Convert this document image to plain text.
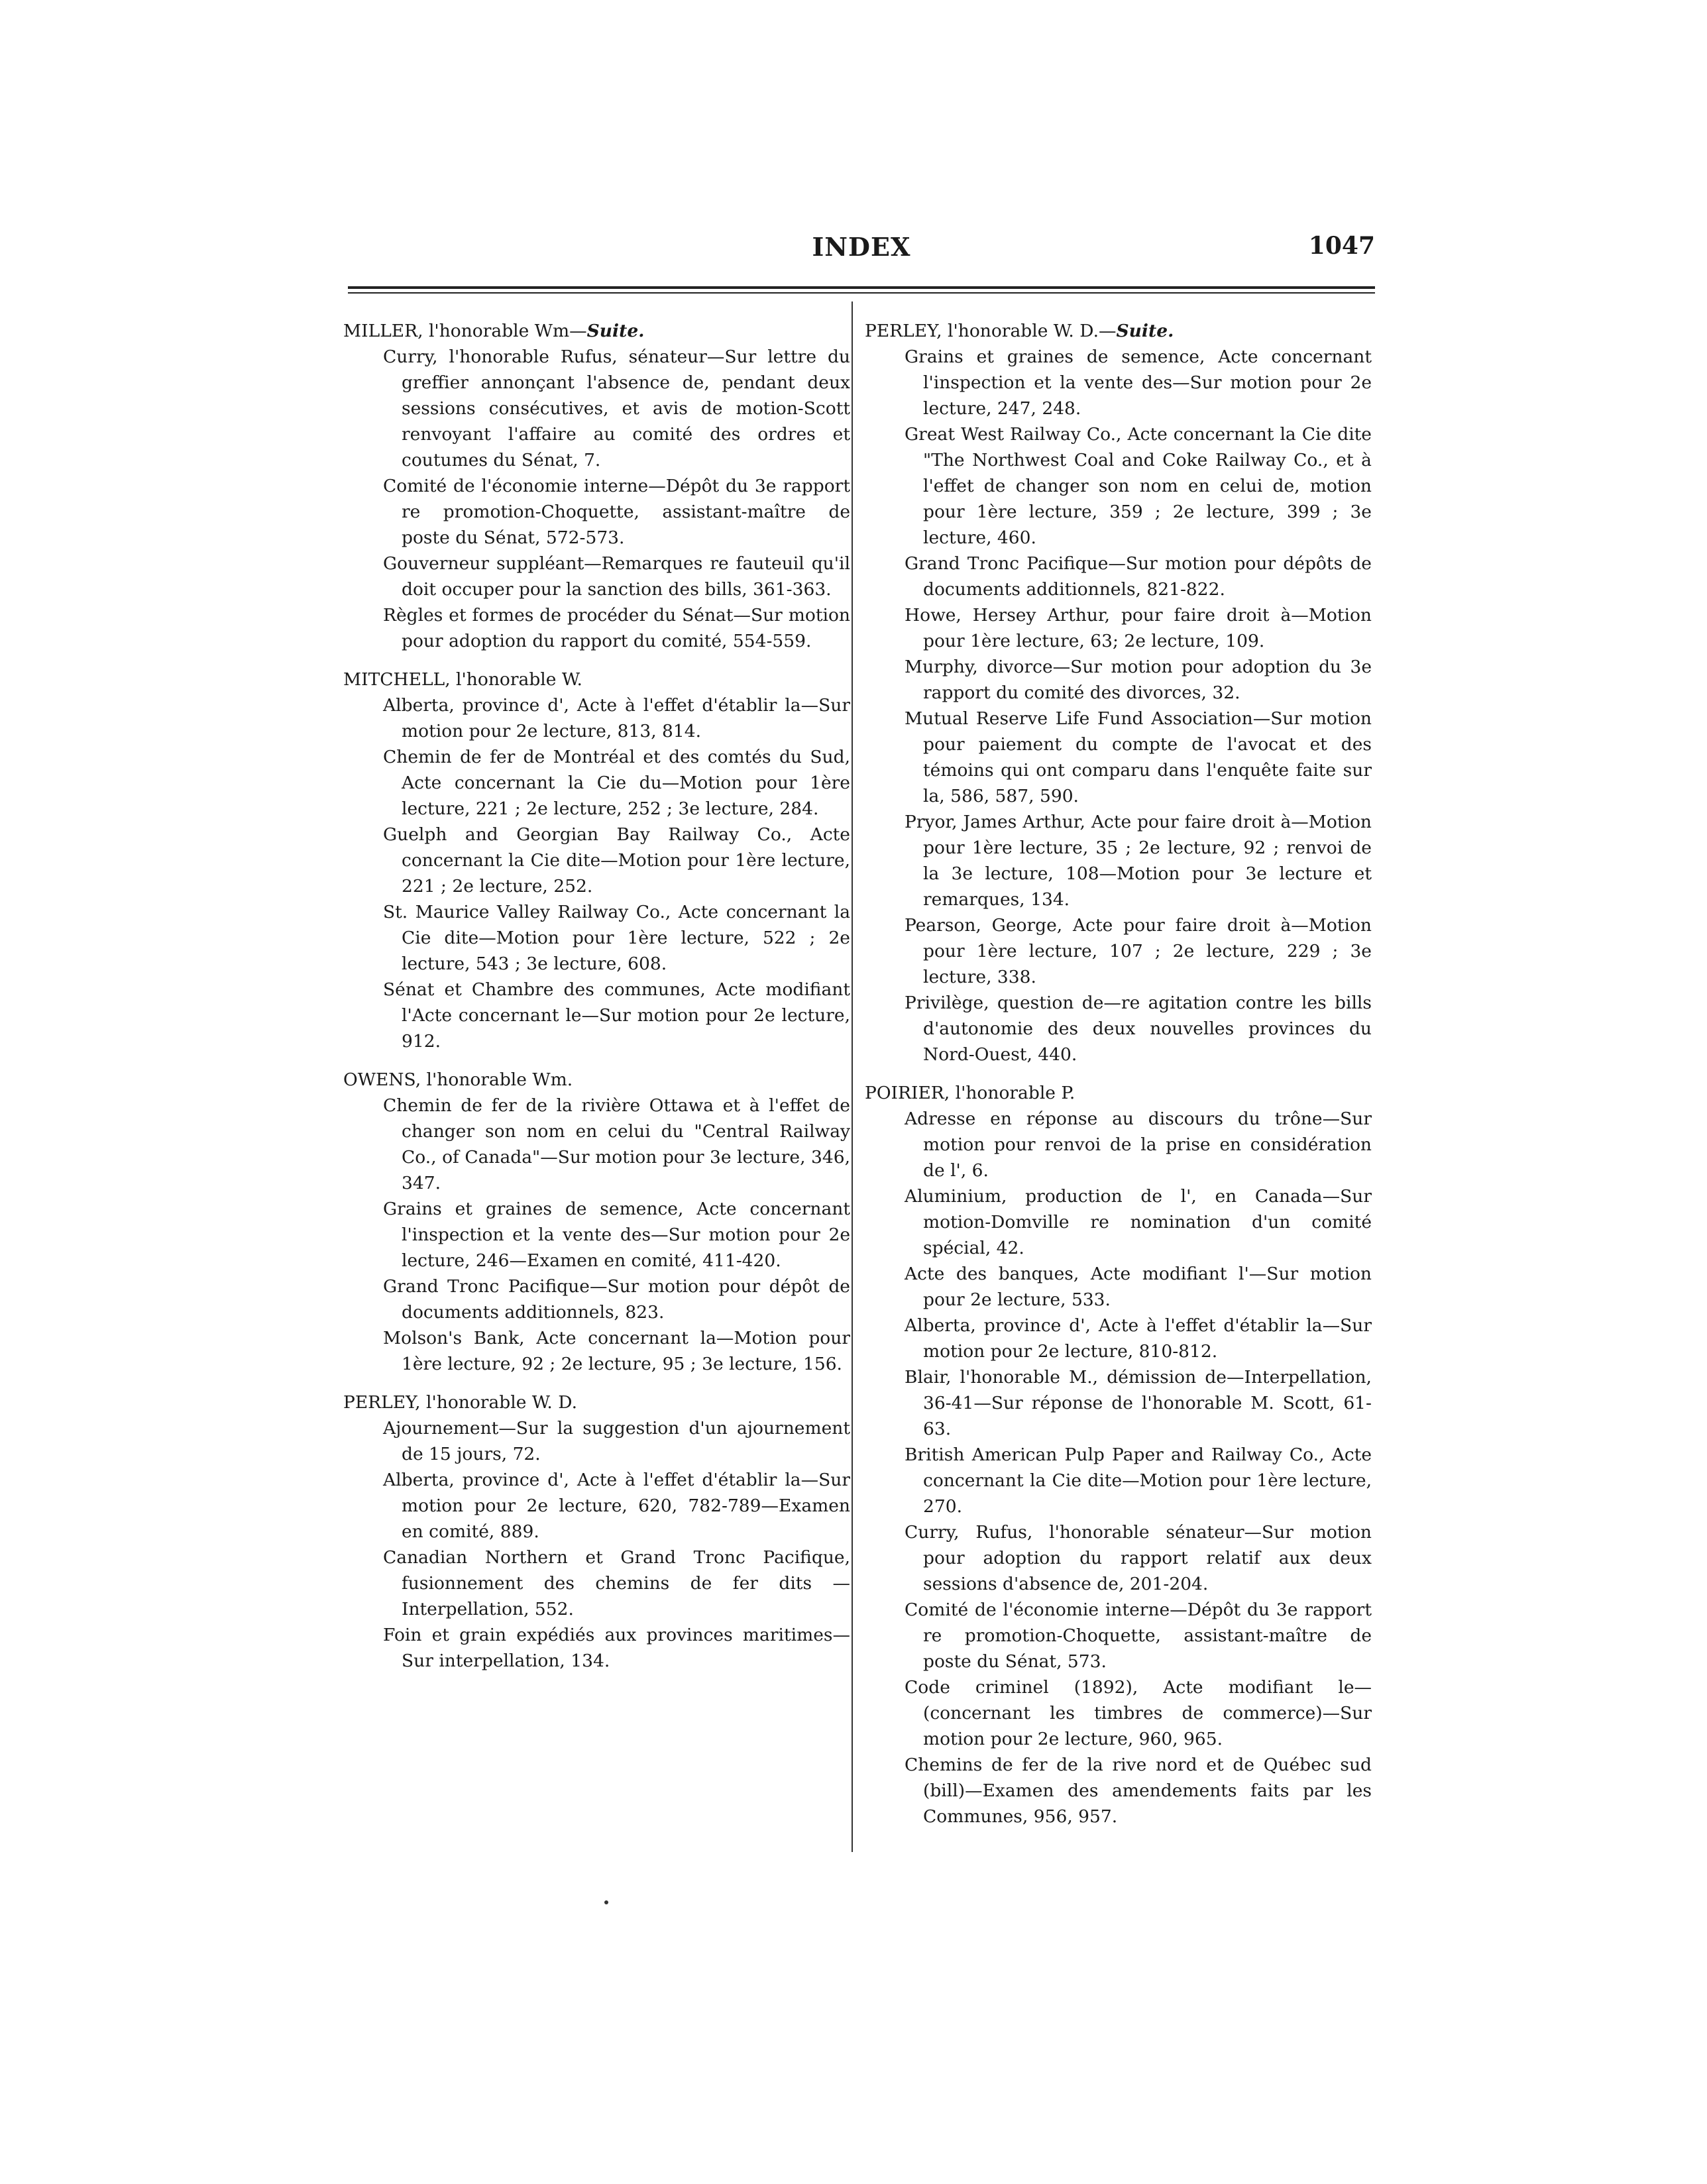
INDEX	1047

MILLER, l'honorable Wm—Suite.

Curry, l'honorable Rufus, sénateur—Sur lettre du greffier annonçant l'absence de, pendant deux sessions consécutives, et avis de motion-Scott renvoyant l'affaire au comité des ordres et coutumes du Sénat, 7.

Comité de l'économie interne—Dépôt du 3e rapport re promotion-Choquette, assistant-maître de poste du Sénat, 572-573.

Gouverneur suppléant—Remarques re fauteuil qu'il doit occuper pour la sanction des bills, 361-363.

Règles et formes de procéder du Sénat—Sur motion pour adoption du rapport du comité, 554-559.

MITCHELL, l'honorable W.

Alberta, province d', Acte à l'effet d'établir la—Sur motion pour 2e lecture, 813, 814.

Chemin de fer de Montréal et des comtés du Sud, Acte concernant la Cie du—Motion pour 1ère lecture, 221 ; 2e lecture, 252 ; 3e lecture, 284.

Guelph and Georgian Bay Railway Co., Acte concernant la Cie dite—Motion pour 1ère lecture, 221 ; 2e lecture, 252.

St. Maurice Valley Railway Co., Acte concernant la Cie dite—Motion pour 1ère lecture, 522 ; 2e lecture, 543 ; 3e lecture, 608.

Sénat et Chambre des communes, Acte modifiant l'Acte concernant le—Sur motion pour 2e lecture, 912.

OWENS, l'honorable Wm.

Chemin de fer de la rivière Ottawa et à l'effet de changer son nom en celui du "Central Railway Co., of Canada"—Sur motion pour 3e lecture, 346, 347.

Grains et graines de semence, Acte concernant l'inspection et la vente des—Sur motion pour 2e lecture, 246—Examen en comité, 411-420.

Grand Tronc Pacifique—Sur motion pour dépôt de documents additionnels, 823.

Molson's Bank, Acte concernant la—Motion pour 1ère lecture, 92 ; 2e lecture, 95 ; 3e lecture, 156.

PERLEY, l'honorable W. D.

Ajournement—Sur la suggestion d'un ajournement de 15 jours, 72.

Alberta, province d', Acte à l'effet d'établir la—Sur motion pour 2e lecture, 620, 782-789—Examen en comité, 889.

Canadian Northern et Grand Tronc Pacifique, fusionnement des chemins de fer dits —Interpellation, 552.

Foin et grain expédiés aux provinces maritimes—Sur interpellation, 134.

PERLEY, l'honorable W. D.—Suite.

Grains et graines de semence, Acte concernant l'inspection et la vente des—Sur motion pour 2e lecture, 247, 248.

Great West Railway Co., Acte concernant la Cie dite "The Northwest Coal and Coke Railway Co., et à l'effet de changer son nom en celui de, motion pour 1ère lecture, 359 ; 2e lecture, 399 ; 3e lecture, 460.

Grand Tronc Pacifique—Sur motion pour dépôts de documents additionnels, 821-822.

Howe, Hersey Arthur, pour faire droit à—Motion pour 1ère lecture, 63; 2e lecture, 109.

Murphy, divorce—Sur motion pour adoption du 3e rapport du comité des divorces, 32.

Mutual Reserve Life Fund Association—Sur motion pour paiement du compte de l'avocat et des témoins qui ont comparu dans l'enquête faite sur la, 586, 587, 590.

Pryor, James Arthur, Acte pour faire droit à—Motion pour 1ère lecture, 35 ; 2e lecture, 92 ; renvoi de la 3e lecture, 108—Motion pour 3e lecture et remarques, 134.

Pearson, George, Acte pour faire droit à—Motion pour 1ère lecture, 107 ; 2e lecture, 229 ; 3e lecture, 338.

Privilège, question de—re agitation contre les bills d'autonomie des deux nouvelles provinces du Nord-Ouest, 440.

POIRIER, l'honorable P.

Adresse en réponse au discours du trône—Sur motion pour renvoi de la prise en considération de l', 6.

Aluminium, production de l', en Canada—Sur motion-Domville re nomination d'un comité spécial, 42.

Acte des banques, Acte modifiant l'—Sur motion pour 2e lecture, 533.

Alberta, province d', Acte à l'effet d'établir la—Sur motion pour 2e lecture, 810-812.

Blair, l'honorable M., démission de—Interpellation, 36-41—Sur réponse de l'honorable M. Scott, 61-63.

British American Pulp Paper and Railway Co., Acte concernant la Cie dite—Motion pour 1ère lecture, 270.

Curry, Rufus, l'honorable sénateur—Sur motion pour adoption du rapport relatif aux deux sessions d'absence de, 201-204.

Comité de l'économie interne—Dépôt du 3e rapport re promotion-Choquette, assistant-maître de poste du Sénat, 573.

Code criminel (1892), Acte modifiant le—(concernant les timbres de commerce)—Sur motion pour 2e lecture, 960, 965.

Chemins de fer de la rive nord et de Québec sud (bill)—Examen des amendements faits par les Communes, 956, 957.
